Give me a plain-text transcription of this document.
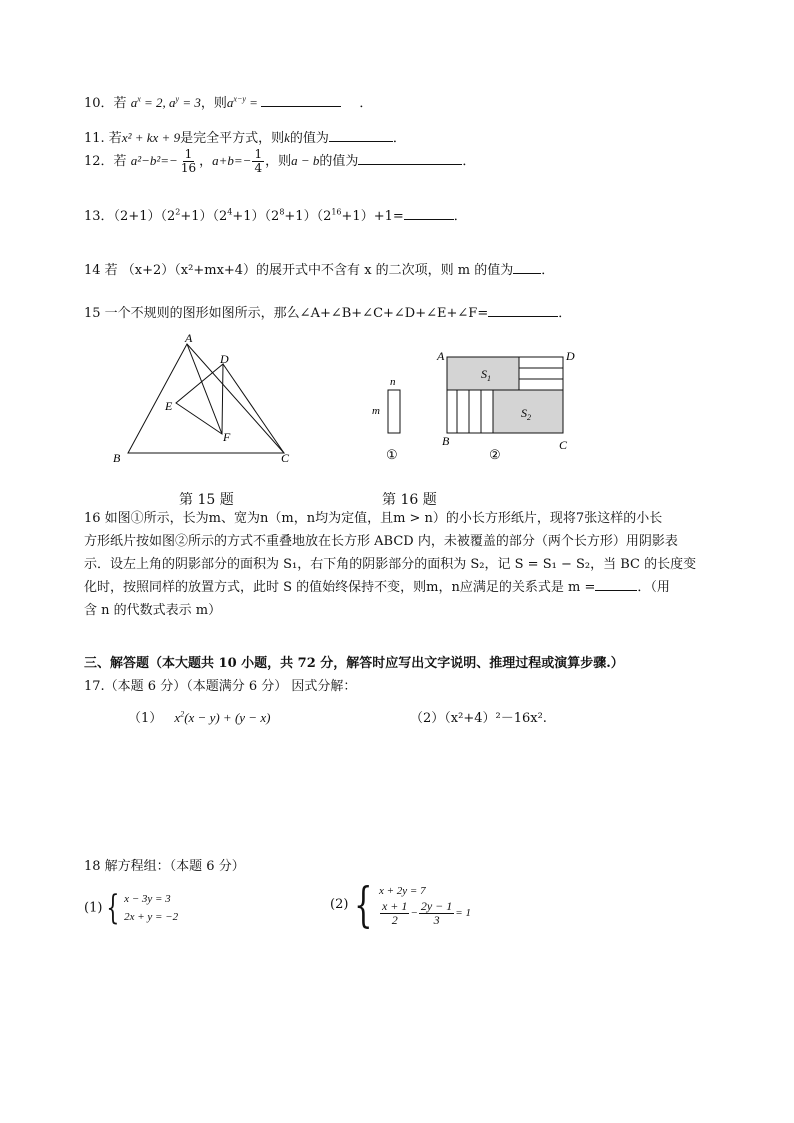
10．若 $a^x = 2$, $a^y = 3$，则$a^{x-y}$ =	．
11. 若x² + kx + 9是完全平方式，则k的值为	．
12．若 $a^2-b^2=- \frac{1}{16}$ ，$a+b=- \frac{1}{4}$ ，则a − b的值为	．
13．$(2+1)(2^2+1)(2^4+1)(2^8+1)(2^{16}+1)+1=$	．
14 若 （x+2）（x²+mx+4）的展开式中不含有 x 的二次项，则 m 的值为 ．
15 一个不规则的图形如图所示，那么∠A+∠B+∠C+∠D+∠E+∠F=	．
A
B	C
D
E
F
n
m
①
A	D
B	C
$S_1$
$S_2$
②
第 15 题	第 16 题
16 如图①所示，长为m、宽为n（m，n均为定值，且m > n）的小长方形纸片，现将7张这样的小长
方形纸片按如图②所示的方式不重叠地放在长方形 ABCD 内，未被覆盖的部分（两个长方形）用阴影表
示．设左上角的阴影部分的面积为 S₁，右下角的阴影部分的面积为 S₂，记 S = S₁ − S₂，当 BC 的长度变
化时，按照同样的放置方式，此时 S 的值始终保持不变，则m，n应满足的关系式是 m =	．（用
含 n 的代数式表示 m）
三、解答题（本大题共 10 小题，共 72 分，解答时应写出文字说明、推理过程或演算步骤.）
17.（本题 6 分）（本题满分 6 分） 因式分解：
（1） $x^2(x - y) + (y - x)$	（2）（x²+4）²－16x².
18 解方程组：（本题 6 分）
(1) { x − 3y = 3
2x + y = −2
(2) { x + 2y = 7

$\frac{x + 1}{2} - \frac{2y - 1}{3} = 1$
